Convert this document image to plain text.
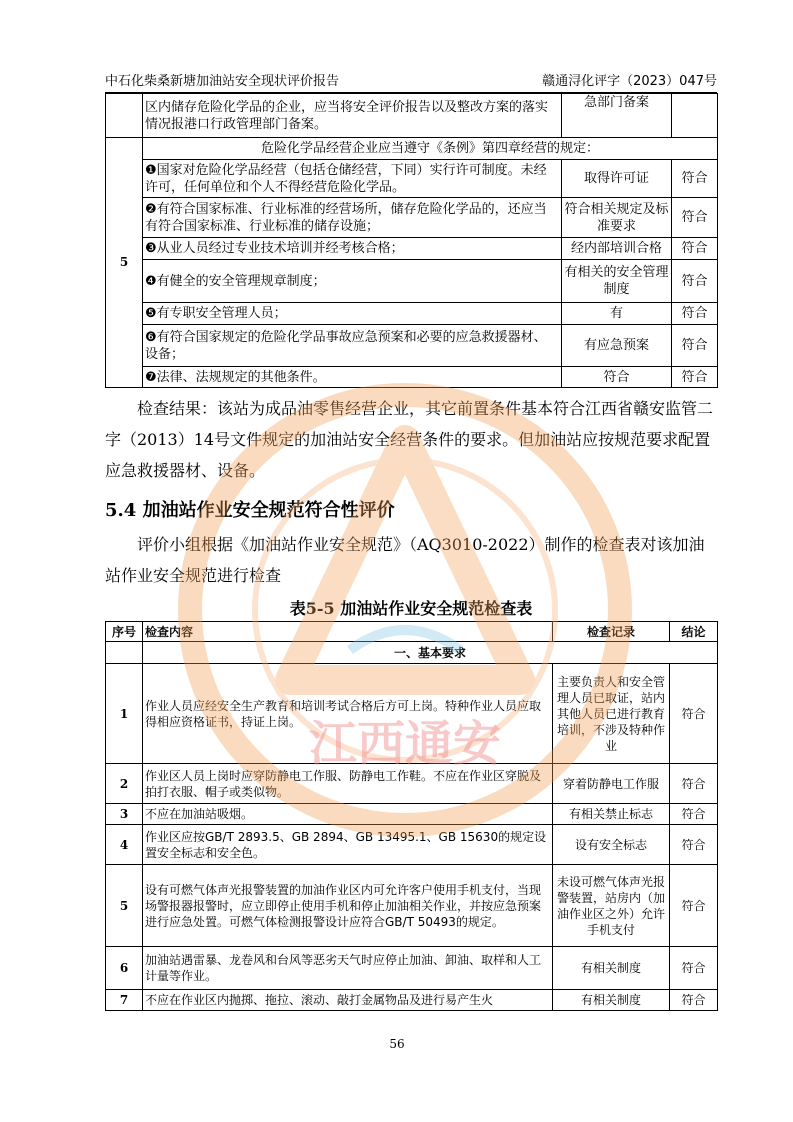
中石化柴桑新塘加油站安全现状评价报告	赣通浔化评字（2023）047号
	区内储存危险化学品的企业，应当将安全评价报告以及整改方案的落实情况报港口行政管理部门备案。	急部门备案	
5	危险化学品经营企业应当遵守《条例》第四章经营的规定：		
	❶国家对危险化学品经营（包括仓储经营，下同）实行许可制度。未经许可，任何单位和个人不得经营危险化学品。	取得许可证	符合
	❷有符合国家标准、行业标准的经营场所，储存危险化学品的，还应当有符合国家标准、行业标准的储存设施；	符合相关规定及标准要求	符合
	❸从业人员经过专业技术培训并经考核合格；	经内部培训合格	符合
	❹有健全的安全管理规章制度；	有相关的安全管理制度	符合
	❺有专职安全管理人员；	有	符合
	❻有符合国家规定的危险化学品事故应急预案和必要的应急救援器材、设备；	有应急预案	符合
	❼法律、法规规定的其他条件。	符合	符合
检查结果：该站为成品油零售经营企业，其它前置条件基本符合江西省赣安监管二字（2013）14号文件规定的加油站安全经营条件的要求。但加油站应按规范要求配置应急救援器材、设备。
5.4 加油站作业安全规范符合性评价
评价小组根据《加油站作业安全规范》（AQ3010-2022）制作的检查表对该加油站作业安全规范进行检查
表5-5 加油站作业安全规范检查表
序号	检查内容	检查记录	结论
	一、基本要求		
1	作业人员应经安全生产教育和培训考试合格后方可上岗。特种作业人员应取得相应资格证书，持证上岗。	主要负责人和安全管理人员已取证，站内其他人员已进行教育培训，不涉及特种作业	符合
2	作业区人员上岗时应穿防静电工作服、防静电工作鞋。不应在作业区穿脱及拍打衣服、帽子或类似物。	穿着防静电工作服	符合
3	不应在加油站吸烟。	有相关禁止标志	符合
4	作业区应按GB/T 2893.5、GB 2894、GB 13495.1、GB 15630的规定设置安全标志和安全色。	设有安全标志	符合
5	设有可燃气体声光报警装置的加油作业区内可允许客户使用手机支付，当现场警报器报警时，应立即停止使用手机和停止加油相关作业，并按应急预案进行应急处置。可燃气体检测报警设计应符合GB/T 50493的规定。	未设可燃气体声光报警装置，站房内（加油作业区之外）允许手机支付	符合
6	加油站遇雷暴、龙卷风和台风等恶劣天气时应停止加油、卸油、取样和人工计量等作业。	有相关制度	符合
7	不应在作业区内抛掷、拖拉、滚动、敲打金属物品及进行易产生火	有相关制度	符合
56
江西通安
